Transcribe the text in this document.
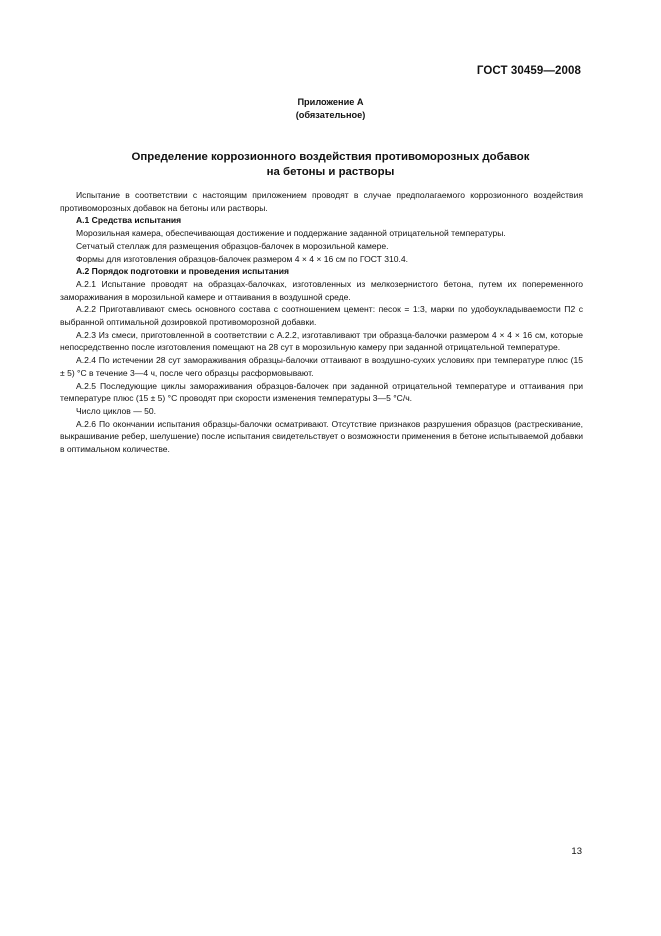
ГОСТ 30459—2008
Приложение А
(обязательное)
Определение коррозионного воздействия противоморозных добавок
на бетоны и растворы

Испытание в соответствии с настоящим приложением проводят в случае предполагаемого коррозионного воздействия противоморозных добавок на бетоны или растворы.

А.1 Средства испытания

Морозильная камера, обеспечивающая достижение и поддержание заданной отрицательной температуры.

Сетчатый стеллаж для размещения образцов-балочек в морозильной камере.

Формы для изготовления образцов-балочек размером 4 × 4 × 16 см по ГОСТ 310.4.

А.2 Порядок подготовки и проведения испытания

А.2.1 Испытание проводят на образцах-балочках, изготовленных из мелкозернистого бетона, путем их попеременного замораживания в морозильной камере и оттаивания в воздушной среде.

А.2.2 Приготавливают смесь основного состава с соотношением цемент: песок = 1:3, марки по удобоукладываемости П2 с выбранной оптимальной дозировкой противоморозной добавки.

А.2.3 Из смеси, приготовленной в соответствии с А.2.2, изготавливают три образца-балочки размером 4 × 4 × 16 см, которые непосредственно после изготовления помещают на 28 сут в морозильную камеру при заданной отрицательной температуре.

А.2.4 По истечении 28 сут замораживания образцы-балочки оттаивают в воздушно-сухих условиях при температуре плюс (15 ± 5) °С в течение 3—4 ч, после чего образцы расформовывают.

А.2.5 Последующие циклы замораживания образцов-балочек при заданной отрицательной температуре и оттаивания при температуре плюс (15 ± 5) °С проводят при скорости изменения температуры 3—5 °С/ч.

Число циклов — 50.

А.2.6 По окончании испытания образцы-балочки осматривают. Отсутствие признаков разрушения образцов (растрескивание, выкрашивание ребер, шелушение) после испытания свидетельствует о возможности применения в бетоне испытываемой добавки в оптимальном количестве.

13
